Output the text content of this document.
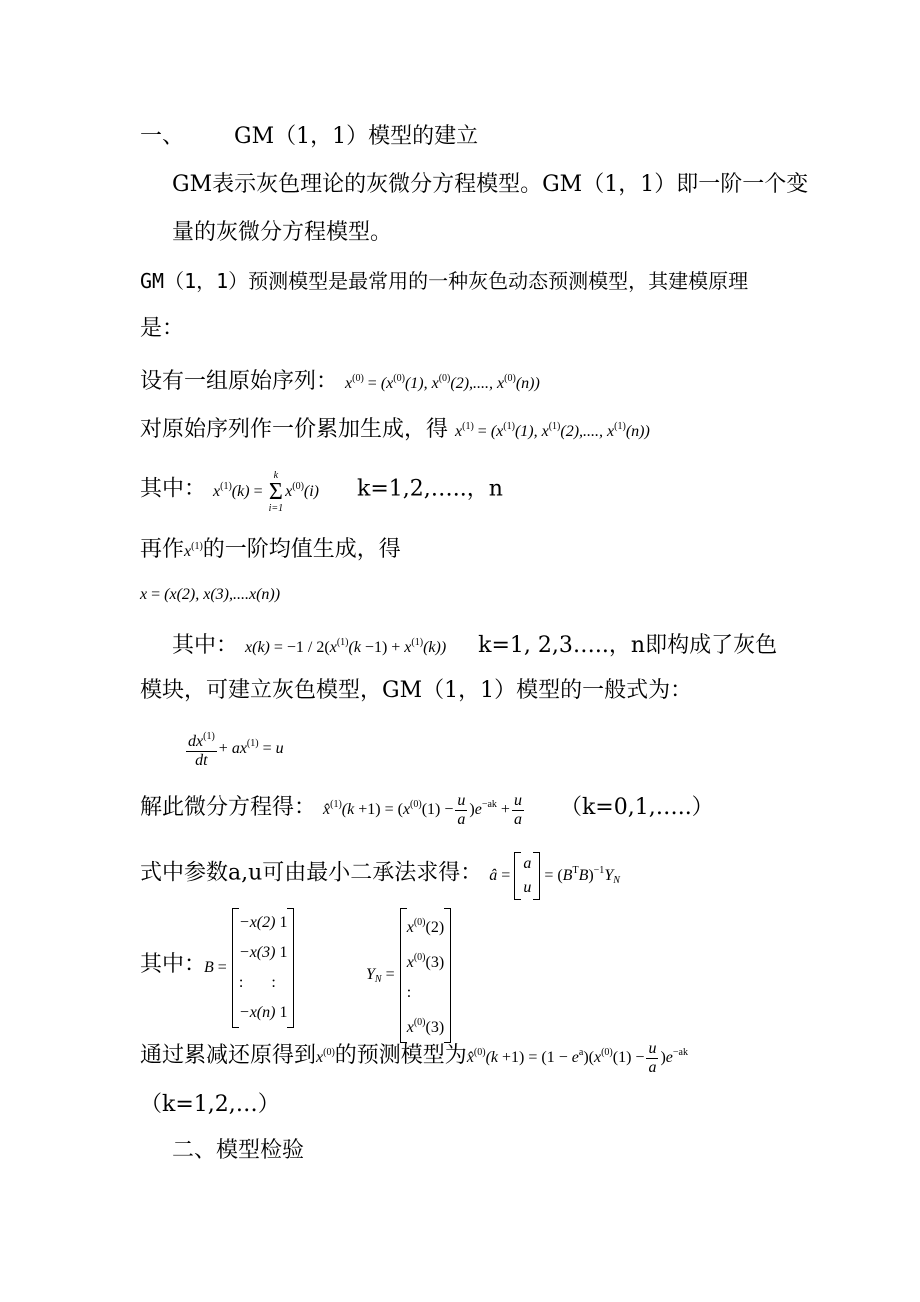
一、 GM（1，1）模型的建立
GM表示灰色理论的灰微分方程模型。GM（1，1）即一阶一个变
量的灰微分方程模型。
GM（1，1）预测模型是最常用的一种灰色动态预测模型，其建模原理
是：
设有一组原始序列： $x^{(0)} = (x^{(0)}(1)$, $x^{(0)}(2)$,...., $x^{(0)}(n)$)
对原始序列作一价累加生成，得 $x^{(1)} = (x^{(1)}(1)$, $x^{(1)}(2)$,...., $x^{(1)}(n)$)
其中： $x^{(1)}(k)$ =
k
Σ
i=1
$x^{(0)}(i)$ k=1,2,…..，n
再作$x^{(1)}$的一阶均值生成，得
x = (x(2), x(3),....x(n))
其中： $x(k) = -1 / 2(x^{(1)}(k -1) + x^{(1)}(k))$ k=1, 2,3…..，n即构成了灰色
模块，可建立灰色模型，GM（1，1）模型的一般式为：
$\frac{dx^{(1)}}{dt} + ax^{(1)} = u$
解此微分方程得： x̂$^{(1)}$(k $+1) = (x^{(0)}(1) - \frac{u}{a} )e^{-ak} + \frac{u}{a}$ （k=0,1,…..）
式中参数a,u可由最小二承法求得： â =
a
u
= $(B^TB)^{-1}Y_N$
其中：
B =
−x(2) 1
−x(3) 1
: :
−x(n) 1
$Y_N$ =
$x^{(0)}(2)$
$x^{(0)}(3)$
:
$x^{(0)}(3)$
通过累减还原得到$x^{(0)}$的预测模型为x̂$^{(0)}$(k $+1) = (1 - e^a)(x^{(0)}(1) - \frac{u}{a} )e^{-ak}$
（k=1,2,…）
二、模型检验
